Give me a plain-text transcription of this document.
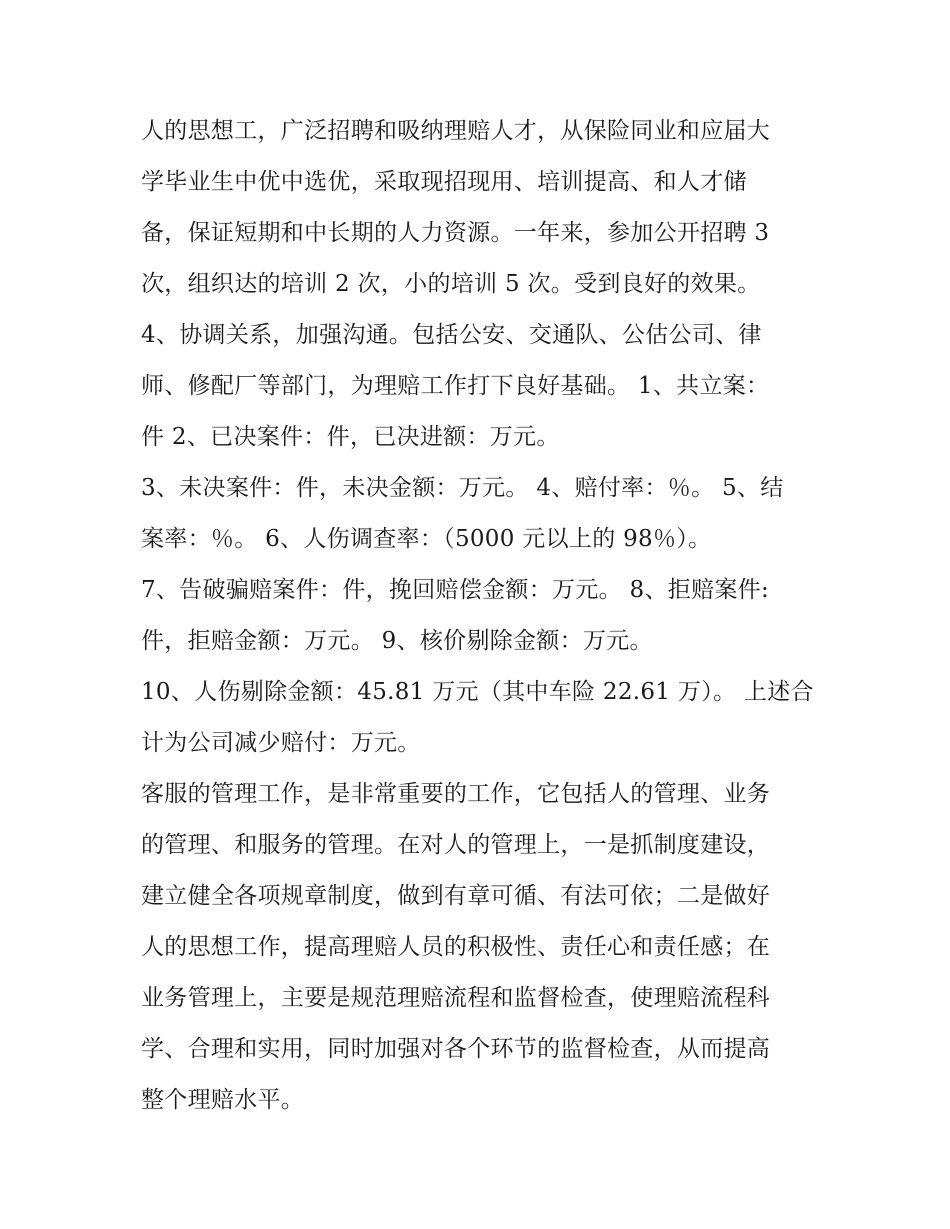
人的思想工，广泛招聘和吸纳理赔人才，从保险同业和应届大
学毕业生中优中选优，采取现招现用、培训提高、和人才储
备，保证短期和中长期的人力资源。一年来，参加公开招聘 3
次，组织达的培训 2 次，小的培训 5 次。受到良好的效果。
4、协调关系，加强沟通。包括公安、交通队、公估公司、律
师、修配厂等部门，为理赔工作打下良好基础。 1、共立案：
件 2、已决案件：件，已决进额：万元。
3、未决案件：件，未决金额：万元。 4、赔付率：％。 5、结
案率：％。 6、人伤调查率：（5000 元以上的 98％）。
7、告破骗赔案件：件，挽回赔偿金额：万元。 8、拒赔案件:
件，拒赔金额：万元。 9、核价剔除金额：万元。
10、人伤剔除金额：45.81 万元（其中车险 22.61 万）。 上述合
计为公司减少赔付：万元。
客服的管理工作，是非常重要的工作，它包括人的管理、业务
的管理、和服务的管理。在对人的管理上，一是抓制度建设，
建立健全各项规章制度，做到有章可循、有法可依；二是做好
人的思想工作，提高理赔人员的积极性、责任心和责任感；在
业务管理上，主要是规范理赔流程和监督检查，使理赔流程科
学、合理和实用，同时加强对各个环节的监督检查，从而提高
整个理赔水平。
